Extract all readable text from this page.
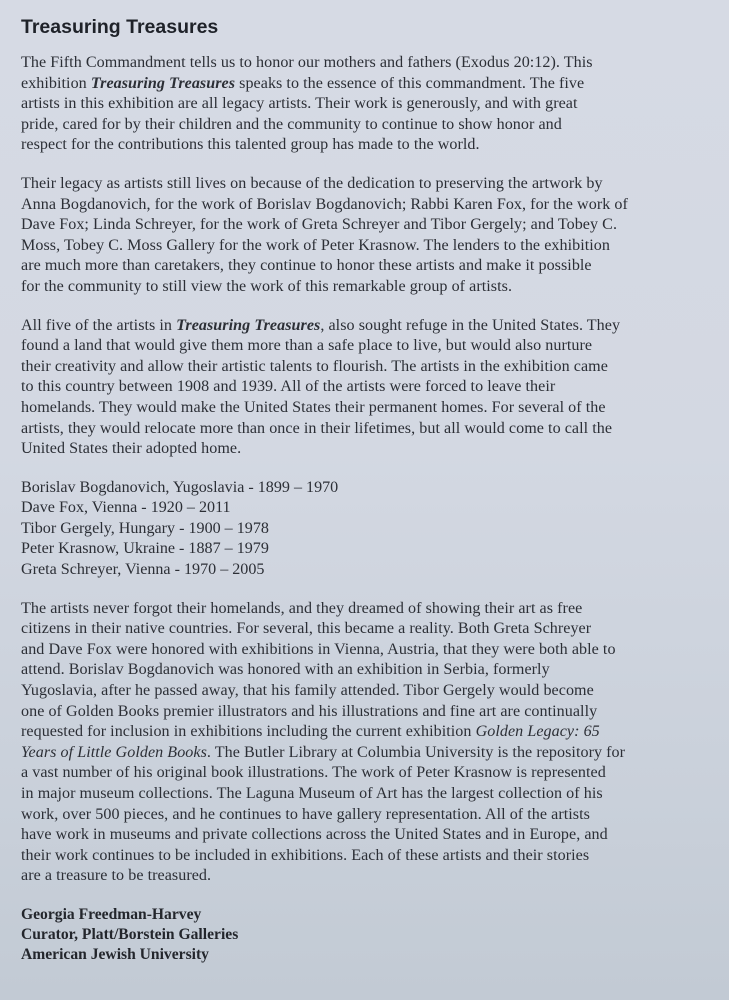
Treasuring Treasures
The Fifth Commandment tells us to honor our mothers and fathers (Exodus 20:12). This
exhibition Treasuring Treasures speaks to the essence of this commandment. The five
artists in this exhibition are all legacy artists. Their work is generously, and with great
pride, cared for by their children and the community to continue to show honor and
respect for the contributions this talented group has made to the world.
Their legacy as artists still lives on because of the dedication to preserving the artwork by
Anna Bogdanovich, for the work of Borislav Bogdanovich; Rabbi Karen Fox, for the work of
Dave Fox; Linda Schreyer, for the work of Greta Schreyer and Tibor Gergely; and Tobey C.
Moss, Tobey C. Moss Gallery for the work of Peter Krasnow. The lenders to the exhibition
are much more than caretakers, they continue to honor these artists and make it possible
for the community to still view the work of this remarkable group of artists.
All five of the artists in Treasuring Treasures, also sought refuge in the United States. They
found a land that would give them more than a safe place to live, but would also nurture
their creativity and allow their artistic talents to flourish. The artists in the exhibition came
to this country between 1908 and 1939. All of the artists were forced to leave their
homelands. They would make the United States their permanent homes. For several of the
artists, they would relocate more than once in their lifetimes, but all would come to call the
United States their adopted home.
Borislav Bogdanovich, Yugoslavia - 1899 – 1970
Dave Fox, Vienna - 1920 – 2011
Tibor Gergely, Hungary - 1900 – 1978
Peter Krasnow, Ukraine - 1887 – 1979
Greta Schreyer, Vienna - 1970 – 2005
The artists never forgot their homelands, and they dreamed of showing their art as free
citizens in their native countries. For several, this became a reality. Both Greta Schreyer
and Dave Fox were honored with exhibitions in Vienna, Austria, that they were both able to
attend. Borislav Bogdanovich was honored with an exhibition in Serbia, formerly
Yugoslavia, after he passed away, that his family attended. Tibor Gergely would become
one of Golden Books premier illustrators and his illustrations and fine art are continually
requested for inclusion in exhibitions including the current exhibition Golden Legacy: 65
Years of Little Golden Books. The Butler Library at Columbia University is the repository for
a vast number of his original book illustrations. The work of Peter Krasnow is represented
in major museum collections. The Laguna Museum of Art has the largest collection of his
work, over 500 pieces, and he continues to have gallery representation. All of the artists
have work in museums and private collections across the United States and in Europe, and
their work continues to be included in exhibitions. Each of these artists and their stories
are a treasure to be treasured.
Georgia Freedman-Harvey
Curator, Platt/Borstein Galleries
American Jewish University
